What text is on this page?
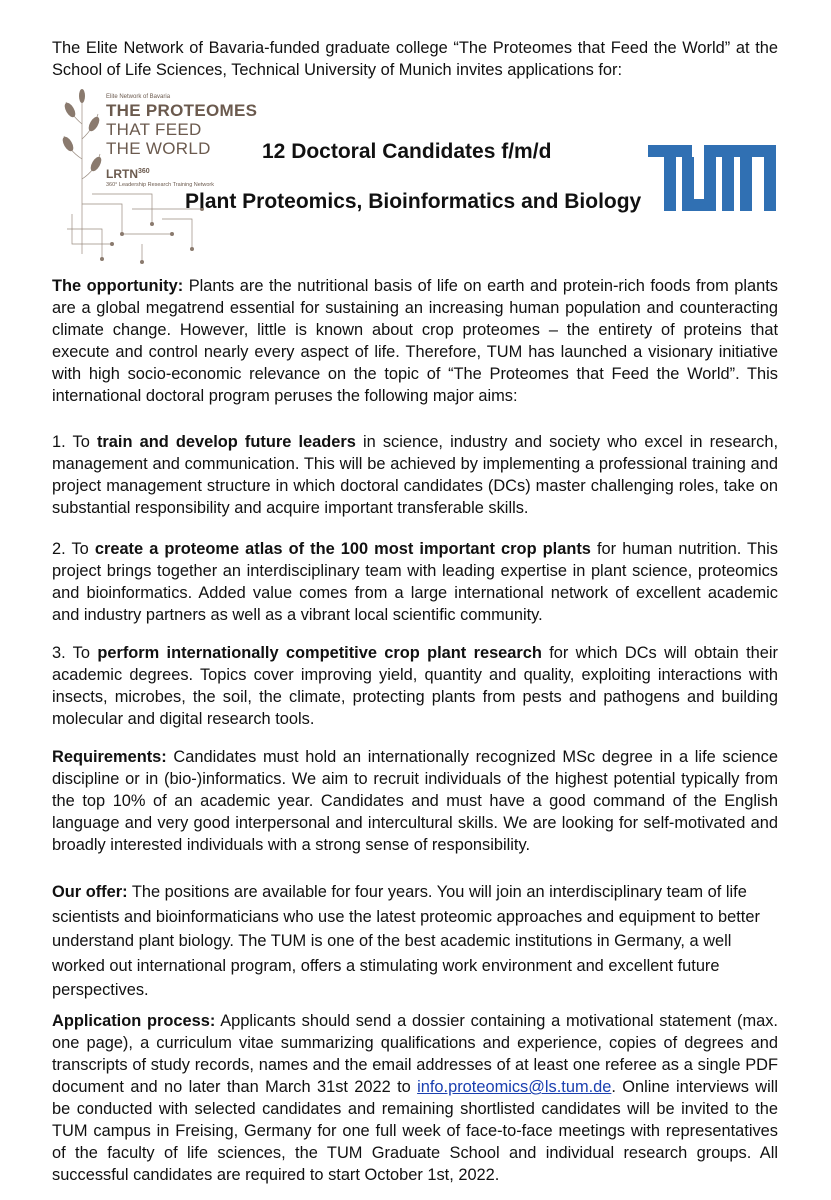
The Elite Network of Bavaria-funded graduate college “The Proteomes that Feed the World” at the School of Life Sciences, Technical University of Munich invites applications for:

Elite Network of Bavaria
THE PROTEOMES
THAT FEED
THE WORLD
LRTN$^{360}$
360° Leadership Research Training Network
12 Doctoral Candidates f/m/d
Plant Proteomics, Bioinformatics and Biology

The opportunity: Plants are the nutritional basis of life on earth and protein-rich foods from plants are a global megatrend essential for sustaining an increasing human population and counteracting climate change. However, little is known about crop proteomes – the entirety of proteins that execute and control nearly every aspect of life. Therefore, TUM has launched a visionary initiative with high socio-economic relevance on the topic of “The Proteomes that Feed the World”. This international doctoral program peruses the following major aims:

1. To train and develop future leaders in science, industry and society who excel in research, management and communication. This will be achieved by implementing a professional training and project management structure in which doctoral candidates (DCs) master challenging roles, take on substantial responsibility and acquire important transferable skills.

2. To create a proteome atlas of the 100 most important crop plants for human nutrition. This project brings together an interdisciplinary team with leading expertise in plant science, proteomics and bioinformatics. Added value comes from a large international network of excellent academic and industry partners as well as a vibrant local scientific community.

3. To perform internationally competitive crop plant research for which DCs will obtain their academic degrees. Topics cover improving yield, quantity and quality, exploiting interactions with insects, microbes, the soil, the climate, protecting plants from pests and pathogens and building molecular and digital research tools.

Requirements: Candidates must hold an internationally recognized MSc degree in a life science discipline or in (bio-)informatics. We aim to recruit individuals of the highest potential typically from the top 10% of an academic year. Candidates and must have a good command of the English language and very good interpersonal and intercultural skills. We are looking for self-motivated and broadly interested individuals with a strong sense of responsibility.

Our offer: The positions are available for four years. You will join an interdisciplinary team of life scientists and bioinformaticians who use the latest proteomic approaches and equipment to better understand plant biology. The TUM is one of the best academic institutions in Germany, a well worked out international program, offers a stimulating work environment and excellent future perspectives.

Application process: Applicants should send a dossier containing a motivational statement (max. one page), a curriculum vitae summarizing qualifications and experience, copies of degrees and transcripts of study records, names and the email addresses of at least one referee as a single PDF document and no later than March 31st 2022 to info.proteomics@ls.tum.de. Online interviews will be conducted with selected candidates and remaining shortlisted candidates will be invited to the TUM campus in Freising, Germany for one full week of face-to-face meetings with representatives of the faculty of life sciences, the TUM Graduate School and individual research groups. All successful candidates are required to start October 1st, 2022.
